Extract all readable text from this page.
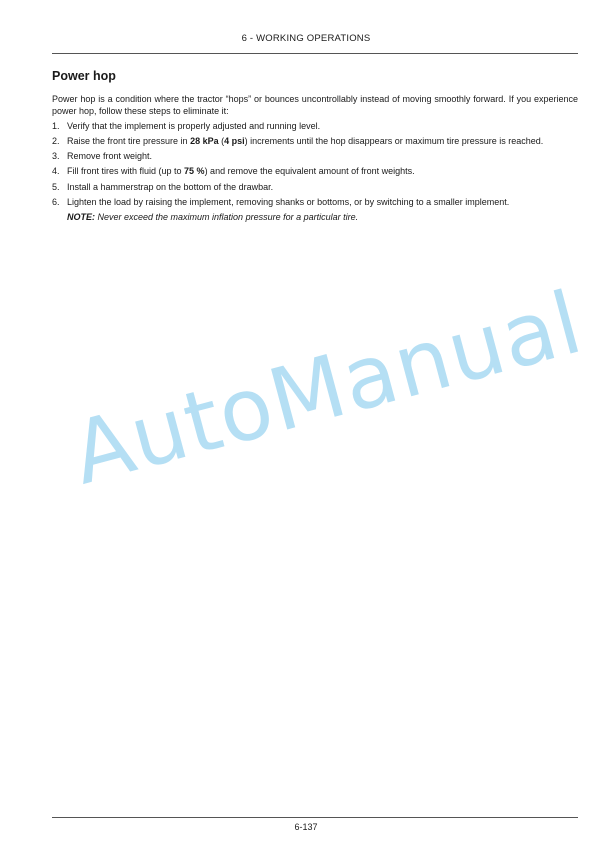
6 - WORKING OPERATIONS
Power hop

Power hop is a condition where the tractor “hops” or bounces uncontrollably instead of moving smoothly forward. If you experience power hop, follow these steps to eliminate it:

1. Verify that the implement is properly adjusted and running level.
2. Raise the front tire pressure in 28 kPa (4 psi) increments until the hop disappears or maximum tire pressure is reached.
3. Remove front weight.
4. Fill front tires with fluid (up to 75 %) and remove the equivalent amount of front weights.
5. Install a hammerstrap on the bottom of the drawbar.
6. Lighten the load by raising the implement, removing shanks or bottoms, or by switching to a smaller implement.

NOTE: Never exceed the maximum inflation pressure for a particular tire.

AutoManual
6-137
